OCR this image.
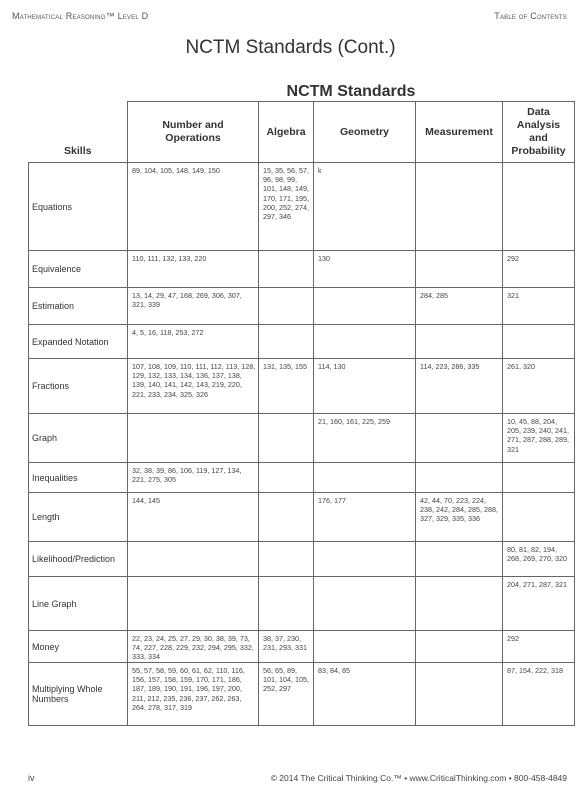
Mathematical Reasoning™ Level D	Table of Contents
NCTM Standards (Cont.)
NCTM Standards
Skills	Number and Operations	Algebra	Geometry	Measurement	Data Analysis and Probability
Equations	89, 104, 105, 148, 149, 150	15, 35, 56, 57, 96, 98, 99, 101, 148, 149, 170, 171, 195, 200, 252, 274, 297, 346	k		
Equivalence	110, 111, 132, 133, 220		130		292
Estimation	13, 14, 29, 47, 168, 269, 306, 307, 321, 339			284, 285	321
Expanded Notation	4, 5, 16, 118, 253, 272				
Fractions	107, 108, 109, 110, 111, 112, 113, 128, 129, 132, 133, 134, 136, 137, 138, 139, 140, 141, 142, 143, 219, 220, 221, 233, 234, 325, 326	131, 135, 155	114, 130	114, 223, 286, 335	261, 320
Graph			21, 160, 161, 225, 259		10, 45, 88, 204, 205, 239, 240, 241, 271, 287, 288, 289, 321
Inequalities	32, 38, 39, 86, 106, 119, 127, 134, 221, 275, 305				
Length	144, 145		176, 177	42, 44, 70, 223, 224, 238, 242, 284, 285, 288, 327, 329, 335, 336	
Likelihood/Prediction					80, 81, 82, 194, 268, 269, 270, 320
Line Graph					204, 271, 287, 321
Money	22, 23, 24, 25, 27, 29, 30, 38, 39, 73, 74, 227, 228, 229, 232, 294, 295, 332, 333, 334	38, 37, 230, 231, 293, 331			292
Multiplying Whole Numbers	55, 57, 58, 59, 60, 61, 62, 110, 116, 156, 157, 158, 159, 170, 171, 186, 187, 189, 190, 191, 196, 197, 200, 211, 212, 235, 236, 237, 262, 263, 264, 278, 317, 319	56, 65, 89, 101, 104, 105, 252, 297	83, 84, 85		87, 154, 222, 318
iv	© 2014 The Critical Thinking Co.™ • www.CriticalThinking.com • 800-458-4849
